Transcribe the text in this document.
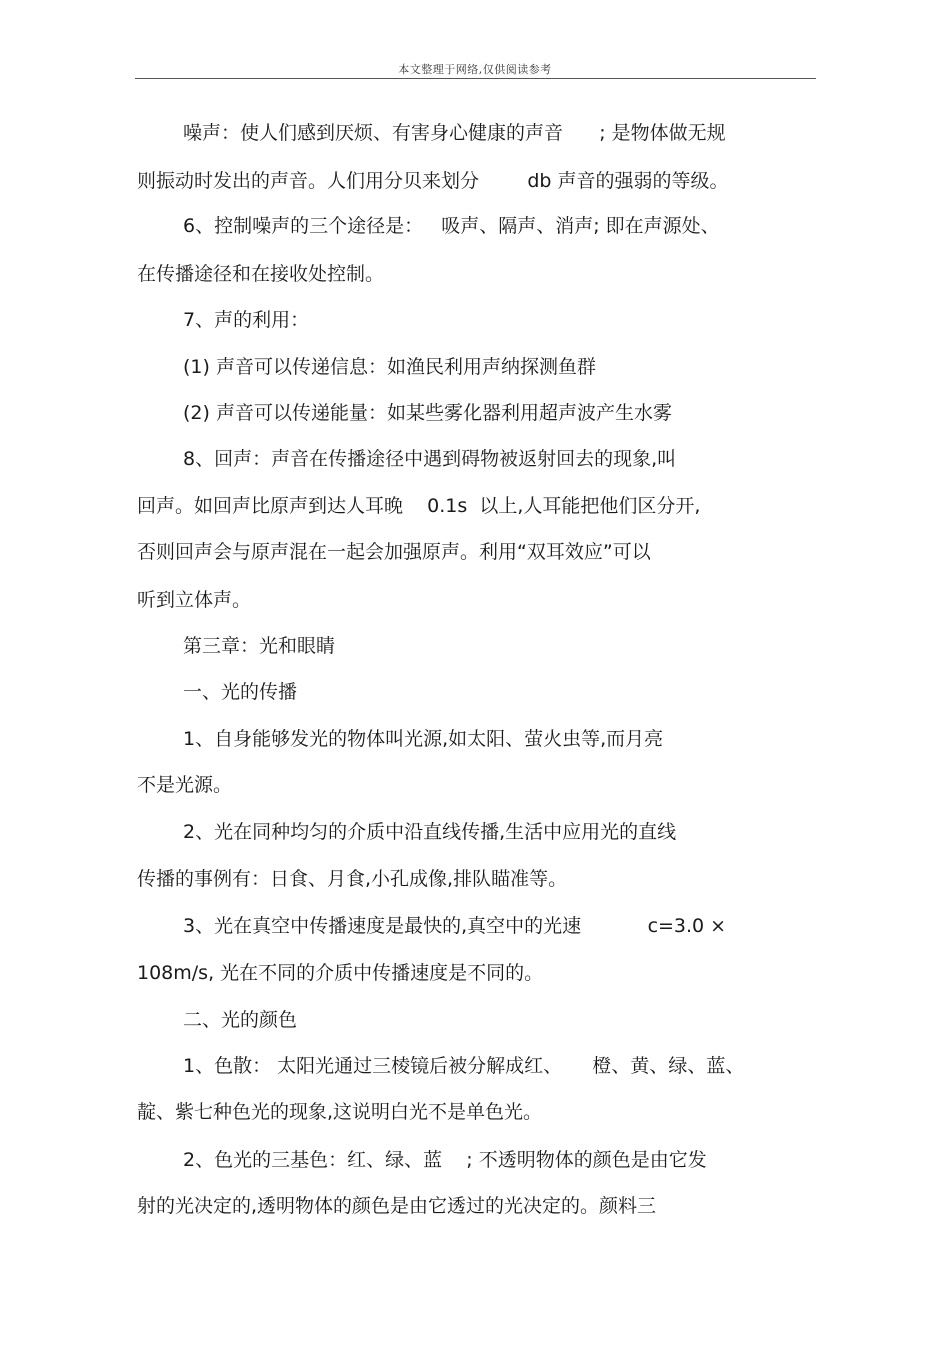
本文整理于网络,仅供阅读参考
噪声：使人们感到厌烦、有害身心健康的声音      ; 是物体做无规
则振动时发出的声音。人们用分贝来划分        db 声音的强弱的等级。
6、控制噪声的三个途径是：   吸声、隔声、消声; 即在声源处、
在传播途径和在接收处控制。
7、声的利用：
(1) 声音可以传递信息：如渔民利用声纳探测鱼群
(2) 声音可以传递能量：如某些雾化器利用超声波产生水雾
8、回声：声音在传播途径中遇到碍物被返射回去的现象,叫
回声。如回声比原声到达人耳晚    0.1s  以上,人耳能把他们区分开,
否则回声会与原声混在一起会加强原声。利用“双耳效应”可以
听到立体声。
第三章：光和眼睛
一、光的传播
1、自身能够发光的物体叫光源,如太阳、萤火虫等,而月亮
不是光源。
2、光在同种均匀的介质中沿直线传播,生活中应用光的直线
传播的事例有：日食、月食,小孔成像,排队瞄准等。
3、光在真空中传播速度是最快的,真空中的光速           c=3.0 ×
108m/s, 光在不同的介质中传播速度是不同的。
二、光的颜色
1、色散： 太阳光通过三棱镜后被分解成红、     橙、黄、绿、蓝、
靛、紫七种色光的现象,这说明白光不是单色光。
2、色光的三基色：红、绿、蓝    ; 不透明物体的颜色是由它发
射的光决定的,透明物体的颜色是由它透过的光决定的。颜料三
